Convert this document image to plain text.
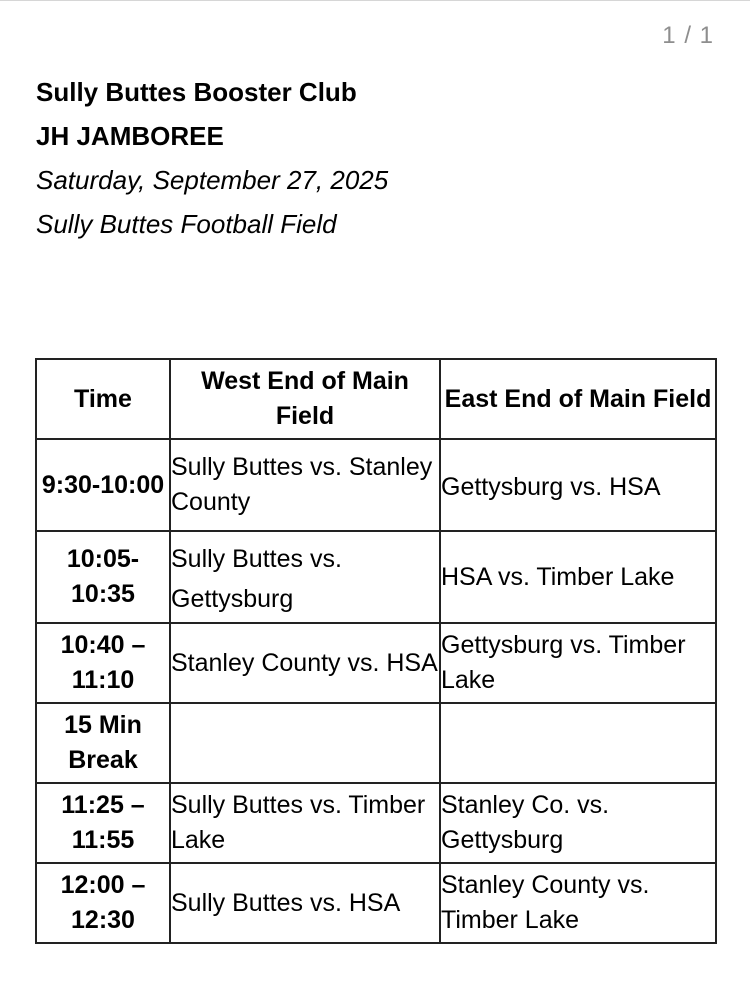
1 / 1
Sully Buttes Booster Club
JH JAMBOREE
Saturday, September 27, 2025
Sully Buttes Football Field
Time	West End of Main Field	East End of Main Field
9:30-10:00	Sully Buttes vs. Stanley County	Gettysburg vs. HSA
10:05-10:35	Sully Buttes vs. Gettysburg	HSA vs. Timber Lake
10:40 – 11:10	Stanley County vs. HSA	Gettysburg vs. Timber Lake
15 Min Break		
11:25 – 11:55	Sully Buttes vs. Timber Lake	Stanley Co. vs. Gettysburg
12:00 – 12:30	Sully Buttes vs. HSA	Stanley County vs. Timber Lake
